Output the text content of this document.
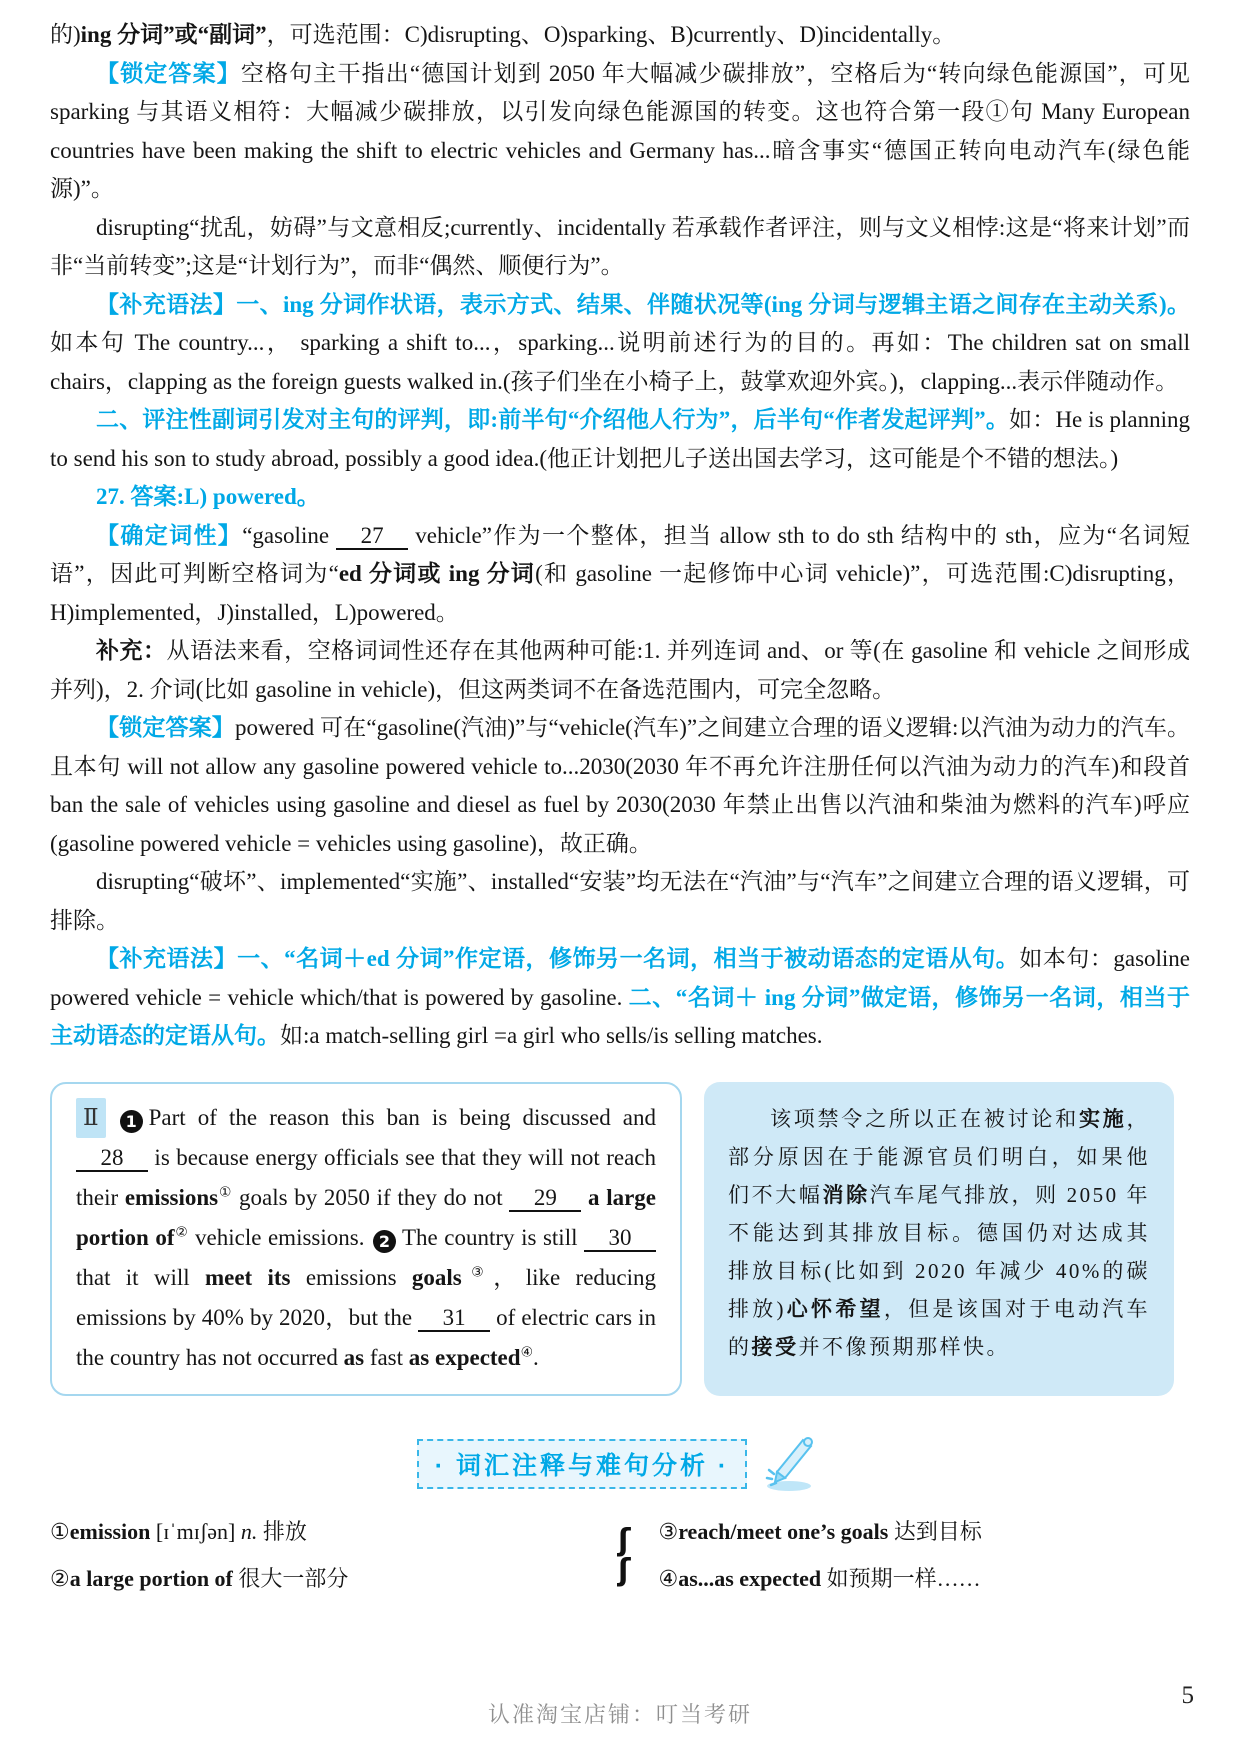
的)ing 分词”或“副词”，可选范围：C)disrupting、O)sparking、B)currently、D)incidentally。

【锁定答案】空格句主干指出“德国计划到 2050 年大幅减少碳排放”，空格后为“转向绿色能源国”，可见 sparking 与其语义相符：大幅减少碳排放，以引发向绿色能源国的转变。这也符合第一段①句 Many European countries have been making the shift to electric vehicles and Germany has...暗含事实“德国正转向电动汽车(绿色能源)”。

disrupting“扰乱，妨碍”与文意相反;currently、incidentally 若承载作者评注，则与文义相悖:这是“将来计划”而非“当前转变”;这是“计划行为”，而非“偶然、顺便行为”。

【补充语法】一、ing 分词作状语，表示方式、结果、伴随状况等(ing 分词与逻辑主语之间存在主动关系)。如本句 The country...， sparking a shift to...，sparking...说明前述行为的目的。再如：The children sat on small chairs，clapping as the foreign guests walked in.(孩子们坐在小椅子上，鼓掌欢迎外宾。)，clapping...表示伴随动作。

二、评注性副词引发对主句的评判，即:前半句“介绍他人行为”，后半句“作者发起评判”。如：He is planning to send his son to study abroad, possibly a good idea.(他正计划把儿子送出国去学习，这可能是个不错的想法。)

27. 答案:L) powered。

【确定词性】“gasoline 27 vehicle”作为一个整体，担当 allow sth to do sth 结构中的 sth，应为“名词短语”，因此可判断空格词为“ed 分词或 ing 分词(和 gasoline 一起修饰中心词 vehicle)”，可选范围:C)disrupting，H)implemented，J)installed，L)powered。

补充：从语法来看，空格词词性还存在其他两种可能:1. 并列连词 and、or 等(在 gasoline 和 vehicle 之间形成并列)，2. 介词(比如 gasoline in vehicle)，但这两类词不在备选范围内，可完全忽略。

【锁定答案】powered 可在“gasoline(汽油)”与“vehicle(汽车)”之间建立合理的语义逻辑:以汽油为动力的汽车。且本句 will not allow any gasoline powered vehicle to...2030(2030 年不再允许注册任何以汽油为动力的汽车)和段首 ban the sale of vehicles using gasoline and diesel as fuel by 2030(2030 年禁止出售以汽油和柴油为燃料的汽车)呼应(gasoline powered vehicle = vehicles using gasoline)，故正确。

disrupting“破坏”、implemented“实施”、installed“安装”均无法在“汽油”与“汽车”之间建立合理的语义逻辑，可排除。

【补充语法】一、“名词＋ed 分词”作定语，修饰另一名词，相当于被动语态的定语从句。如本句：gasoline powered vehicle = vehicle which/that is powered by gasoline. 二、“名词＋ ing 分词”做定语，修饰另一名词，相当于主动语态的定语从句。如:a match-selling girl =a girl who sells/is selling matches.

Ⅱ 1 Part of the reason this ban is being discussed and 28 is because energy officials see that they will not reach their emissions① goals by 2050 if they do not 29 a large portion of② vehicle emissions. 2 The country is still 30 that it will meet its emissions goals③，like reducing emissions by 40% by 2020，but the 31 of electric cars in the country has not occurred as fast as expected④.
该项禁令之所以正在被讨论和实施，部分原因在于能源官员们明白，如果他们不大幅消除汽车尾气排放，则 2050 年不能达到其排放目标。德国仍对达成其排放目标(比如到 2020 年减少 40%的碳排放)心怀希望，但是该国对于电动汽车的接受并不像预期那样快。
· 词汇注释与难句分析 ·
①emission [ɪˈmɪʃən] n. 排放
②a large portion of 很大一部分
ʃ
ʃ
③reach/meet one’s goals 达到目标
④as...as expected 如预期一样……
认准淘宝店铺：叮当考研
5
